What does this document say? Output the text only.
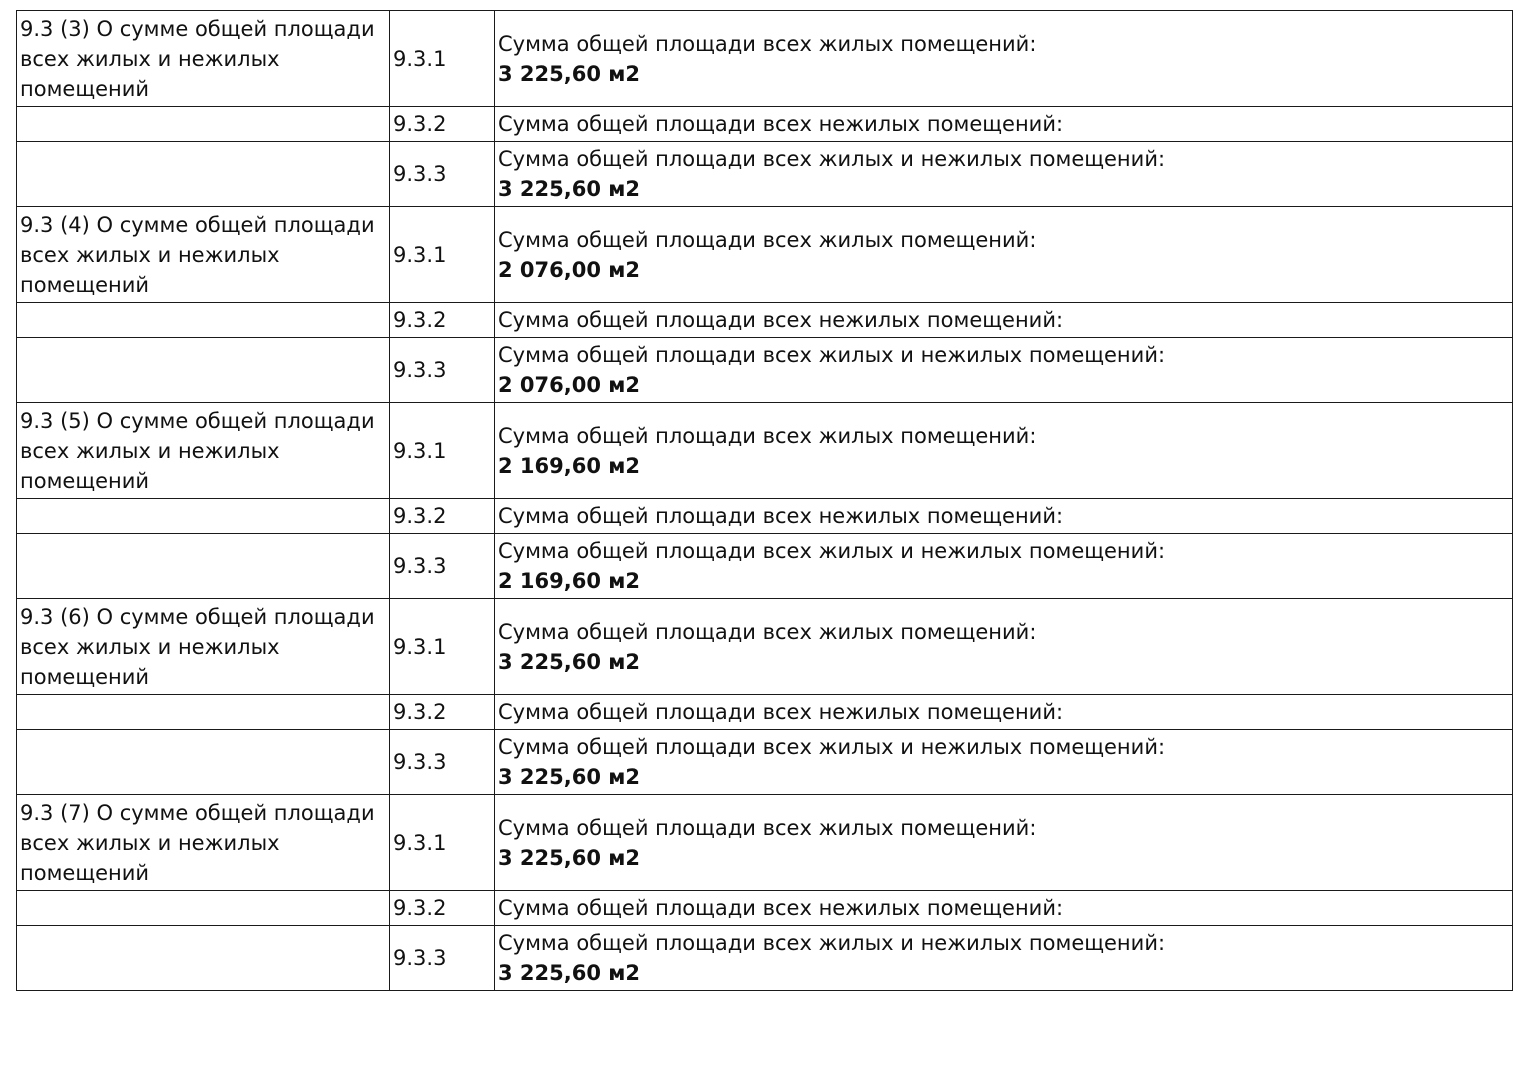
9.3 (3) О сумме общей площади всех жилых и нежилых помещений	9.3.1	Сумма общей площади всех жилых помещений:
3 225,60 м2

	9.3.2	Сумма общей площади всех нежилых помещений:

	9.3.3	Сумма общей площади всех жилых и нежилых помещений:
3 225,60 м2

9.3 (4) О сумме общей площади всех жилых и нежилых помещений	9.3.1	Сумма общей площади всех жилых помещений:
2 076,00 м2

	9.3.2	Сумма общей площади всех нежилых помещений:

	9.3.3	Сумма общей площади всех жилых и нежилых помещений:
2 076,00 м2

9.3 (5) О сумме общей площади всех жилых и нежилых помещений	9.3.1	Сумма общей площади всех жилых помещений:
2 169,60 м2

	9.3.2	Сумма общей площади всех нежилых помещений:

	9.3.3	Сумма общей площади всех жилых и нежилых помещений:
2 169,60 м2

9.3 (6) О сумме общей площади всех жилых и нежилых помещений	9.3.1	Сумма общей площади всех жилых помещений:
3 225,60 м2

	9.3.2	Сумма общей площади всех нежилых помещений:

	9.3.3	Сумма общей площади всех жилых и нежилых помещений:
3 225,60 м2

9.3 (7) О сумме общей площади всех жилых и нежилых помещений	9.3.1	Сумма общей площади всех жилых помещений:
3 225,60 м2

	9.3.2	Сумма общей площади всех нежилых помещений:

	9.3.3	Сумма общей площади всех жилых и нежилых помещений:
3 225,60 м2
